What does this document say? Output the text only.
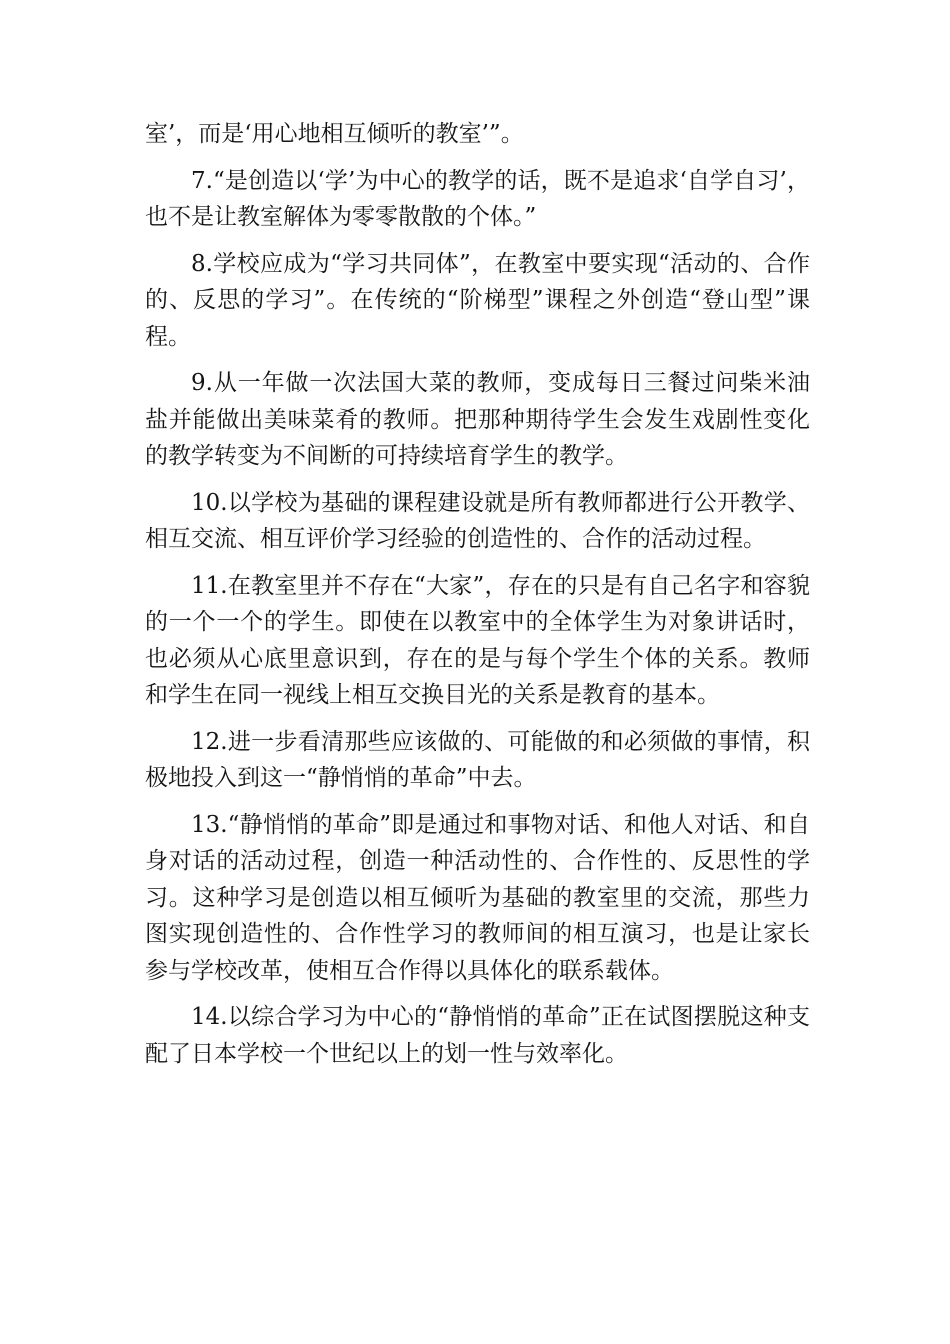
室’，而是‘用心地相互倾听的教室’”。

7.“是创造以‘学’为中心的教学的话，既不是追求‘自学自习’，也不是让教室解体为零零散散的个体。”

8.学校应成为“学习共同体”，在教室中要实现“活动的、合作的、反思的学习”。在传统的“阶梯型”课程之外创造“登山型”课程。

9.从一年做一次法国大菜的教师，变成每日三餐过问柴米油盐并能做出美味菜肴的教师。把那种期待学生会发生戏剧性变化的教学转变为不间断的可持续培育学生的教学。

10.以学校为基础的课程建设就是所有教师都进行公开教学、相互交流、相互评价学习经验的创造性的、合作的活动过程。

11.在教室里并不存在“大家”，存在的只是有自己名字和容貌的一个一个的学生。即使在以教室中的全体学生为对象讲话时，也必须从心底里意识到，存在的是与每个学生个体的关系。教师和学生在同一视线上相互交换目光的关系是教育的基本。

12.进一步看清那些应该做的、可能做的和必须做的事情，积极地投入到这一“静悄悄的革命”中去。

13.“静悄悄的革命”即是通过和事物对话、和他人对话、和自身对话的活动过程，创造一种活动性的、合作性的、反思性的学习。这种学习是创造以相互倾听为基础的教室里的交流，那些力图实现创造性的、合作性学习的教师间的相互演习，也是让家长参与学校改革，使相互合作得以具体化的联系载体。

14.以综合学习为中心的“静悄悄的革命”正在试图摆脱这种支配了日本学校一个世纪以上的划一性与效率化。
